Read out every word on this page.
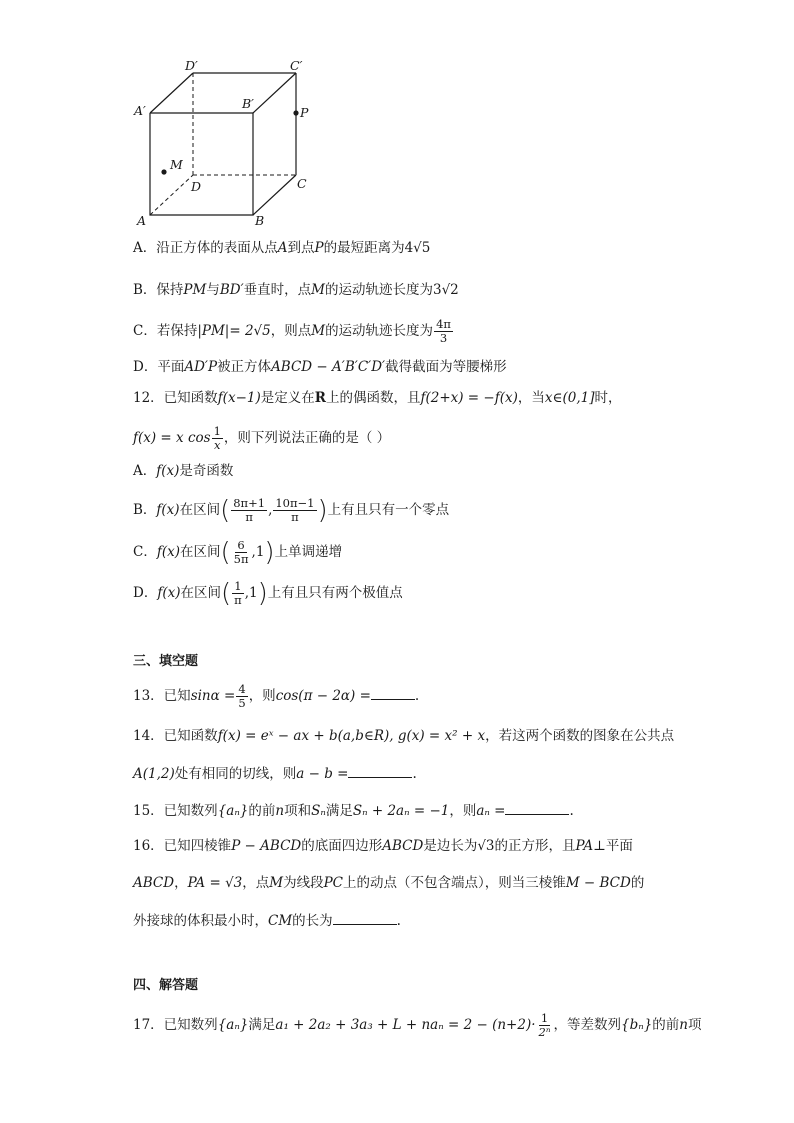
D′	C′
A′	B′
P
M
D	C
A	B
A．沿正方体的表面从点A到点P的最短距离为4√5
B．保持PM与BD′垂直时，点M的运动轨迹长度为3√2
C．若保持|PM|= 2√5，则点M的运动轨迹长度为 $\frac{4\pi}{3}$
D．平面AD′P被正方体ABCD − A′B′C′D′截得截面为等腰梯形
12．已知函数f(x−1)是定义在R上的偶函数，且f(2+x) = −f(x)，当x∈(0,1]时，
f(x) = x $\cos \frac{1}{x}$ ，则下列说法正确的是（ ）
A．f(x)是奇函数
B．f(x)在区间( $\frac{8\pi+1}{\pi}$ , $\frac{10\pi-1}{\pi}$ )上有且只有一个零点
C．f(x)在区间( $\frac{6}{5\pi} ,1$)上单调递增
D．f(x)在区间( $\frac{1}{\pi} ,1$)上有且只有两个极值点
三、填空题
13．已知$\sin\alpha = \frac{4}{5}$ ，则cos(π − 2α) =	.
14．已知函数f(x) = eˣ − ax + b(a,b∈R), g(x) = x² + x，若这两个函数的图象在公共点
A(1,2)处有相同的切线，则a − b =	.
15．已知数列{aₙ}的前n项和Sₙ满足Sₙ + 2aₙ = −1，则aₙ =	.
16．已知四棱锥P − ABCD的底面四边形ABCD是边长为√3的正方形，且PA⊥平面
ABCD，PA = √3，点M为线段PC上的动点（不包含端点），则当三棱锥M − BCD的
外接球的体积最小时，CM的长为	.
四、解答题
17．已知数列{aₙ}满足$a_1 + 2a_2 + 3a_3 + L + na_n = 2 - (n+2)\cdot \frac{1}{\text{2ⁿ}}$ ，等差数列{bₙ}的前n项
